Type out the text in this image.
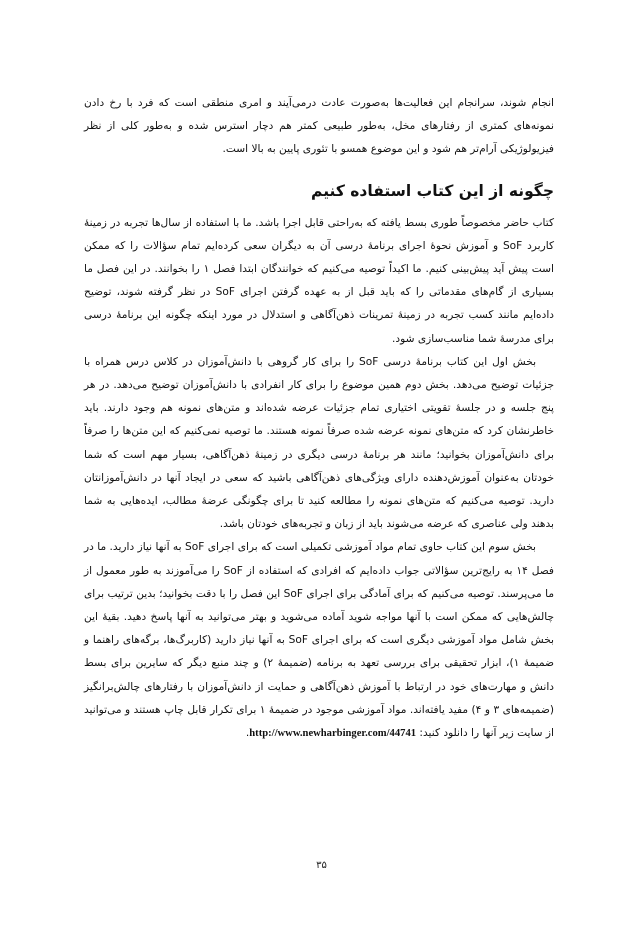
انجام شوند، سرانجام این فعالیت‌ها به‌صورت عادت درمی‌آیند و امری منطقی است که فرد با رخ دادن نمونه‌های کمتری از رفتارهای مخل، به‌طور طبیعی کمتر هم دچار استرس شده و به‌طور کلی از نظر فیزیولوژیکی آرام‌تر هم شود و این موضوع همسو با تئوری پایین به بالا است.

چگونه از این کتاب استفاده کنیم

کتاب حاضر مخصوصاً طوری بسط یافته که به‌راحتی قابل اجرا باشد. ما با استفاده از سال‌ها تجربه در زمینهٔ کاربرد SoF و آموزش نحوهٔ اجرای برنامهٔ درسی آن به دیگران سعی کرده‌ایم تمام سؤالات را که ممکن است پیش آید پیش‌بینی کنیم. ما اکیداً توصیه می‌کنیم که خوانندگان ابتدا فصل ۱ را بخوانند. در این فصل ما بسیاری از گام‌های مقدماتی را که باید قبل از به عهده گرفتن اجرای SoF در نظر گرفته شوند، توضیح داده‌ایم مانند کسب تجربه در زمینهٔ تمرینات ذهن‌آگاهی و استدلال در مورد اینکه چگونه این برنامهٔ درسی برای مدرسهٔ شما مناسب‌سازی شود.

بخش اول این کتاب برنامهٔ درسی SoF را برای کار گروهی با دانش‌آموزان در کلاس درس همراه با جزئیات توضیح می‌دهد. بخش دوم همین موضوع را برای کار انفرادی با دانش‌آموزان توضیح می‌دهد. در هر پنج جلسه و در جلسهٔ تقویتی اختیاری تمام جزئیات عرضه شده‌اند و متن‌های نمونه هم وجود دارند. باید خاطرنشان کرد که متن‌های نمونه عرضه شده صرفاً نمونه هستند. ما توصیه نمی‌کنیم که این متن‌ها را صرفاً برای دانش‌آموزان بخوانید؛ مانند هر برنامهٔ درسی دیگری در زمینهٔ ذهن‌آگاهی، بسیار مهم است که شما خودتان به‌عنوان آموزش‌دهنده دارای ویژگی‌های ذهن‌آگاهی باشید که سعی در ایجاد آنها در دانش‌آموزانتان دارید. توصیه می‌کنیم که متن‌های نمونه را مطالعه کنید تا برای چگونگی عرضهٔ مطالب، ایده‌هایی به شما بدهند ولی عناصری که عرضه می‌شوند باید از زبان و تجربه‌های خودتان باشد.

بخش سوم این کتاب حاوی تمام مواد آموزشی تکمیلی است که برای اجرای SoF به آنها نیاز دارید. ما در فصل ۱۴ به رایج‌ترین سؤالاتی جواب داده‌ایم که افرادی که استفاده از SoF را می‌آموزند به طور معمول از ما می‌پرسند. توصیه می‌کنیم که برای آمادگی برای اجرای SoF این فصل را با دقت بخوانید؛ بدین ترتیب برای چالش‌هایی که ممکن است با آنها مواجه شوید آماده می‌شوید و بهتر می‌توانید به آنها پاسخ دهید. بقیهٔ این بخش شامل مواد آموزشی دیگری است که برای اجرای SoF به آنها نیاز دارید (کاربرگ‌ها، برگه‌های راهنما و ضمیمهٔ ۱)، ابزار تحقیقی برای بررسی تعهد به برنامه (ضمیمهٔ ۲) و چند منبع دیگر که سایرین برای بسط دانش و مهارت‌های خود در ارتباط با آموزش ذهن‌آگاهی و حمایت از دانش‌آموزان با رفتارهای چالش‌برانگیز (ضمیمه‌های ۳ و ۴) مفید یافته‌اند. مواد آموزشی موجود در ضمیمهٔ ۱ برای تکرار قابل چاپ هستند و می‌توانید از سایت زیر آنها را دانلود کنید: http://www.newharbinger.com/44741.

۳۵
